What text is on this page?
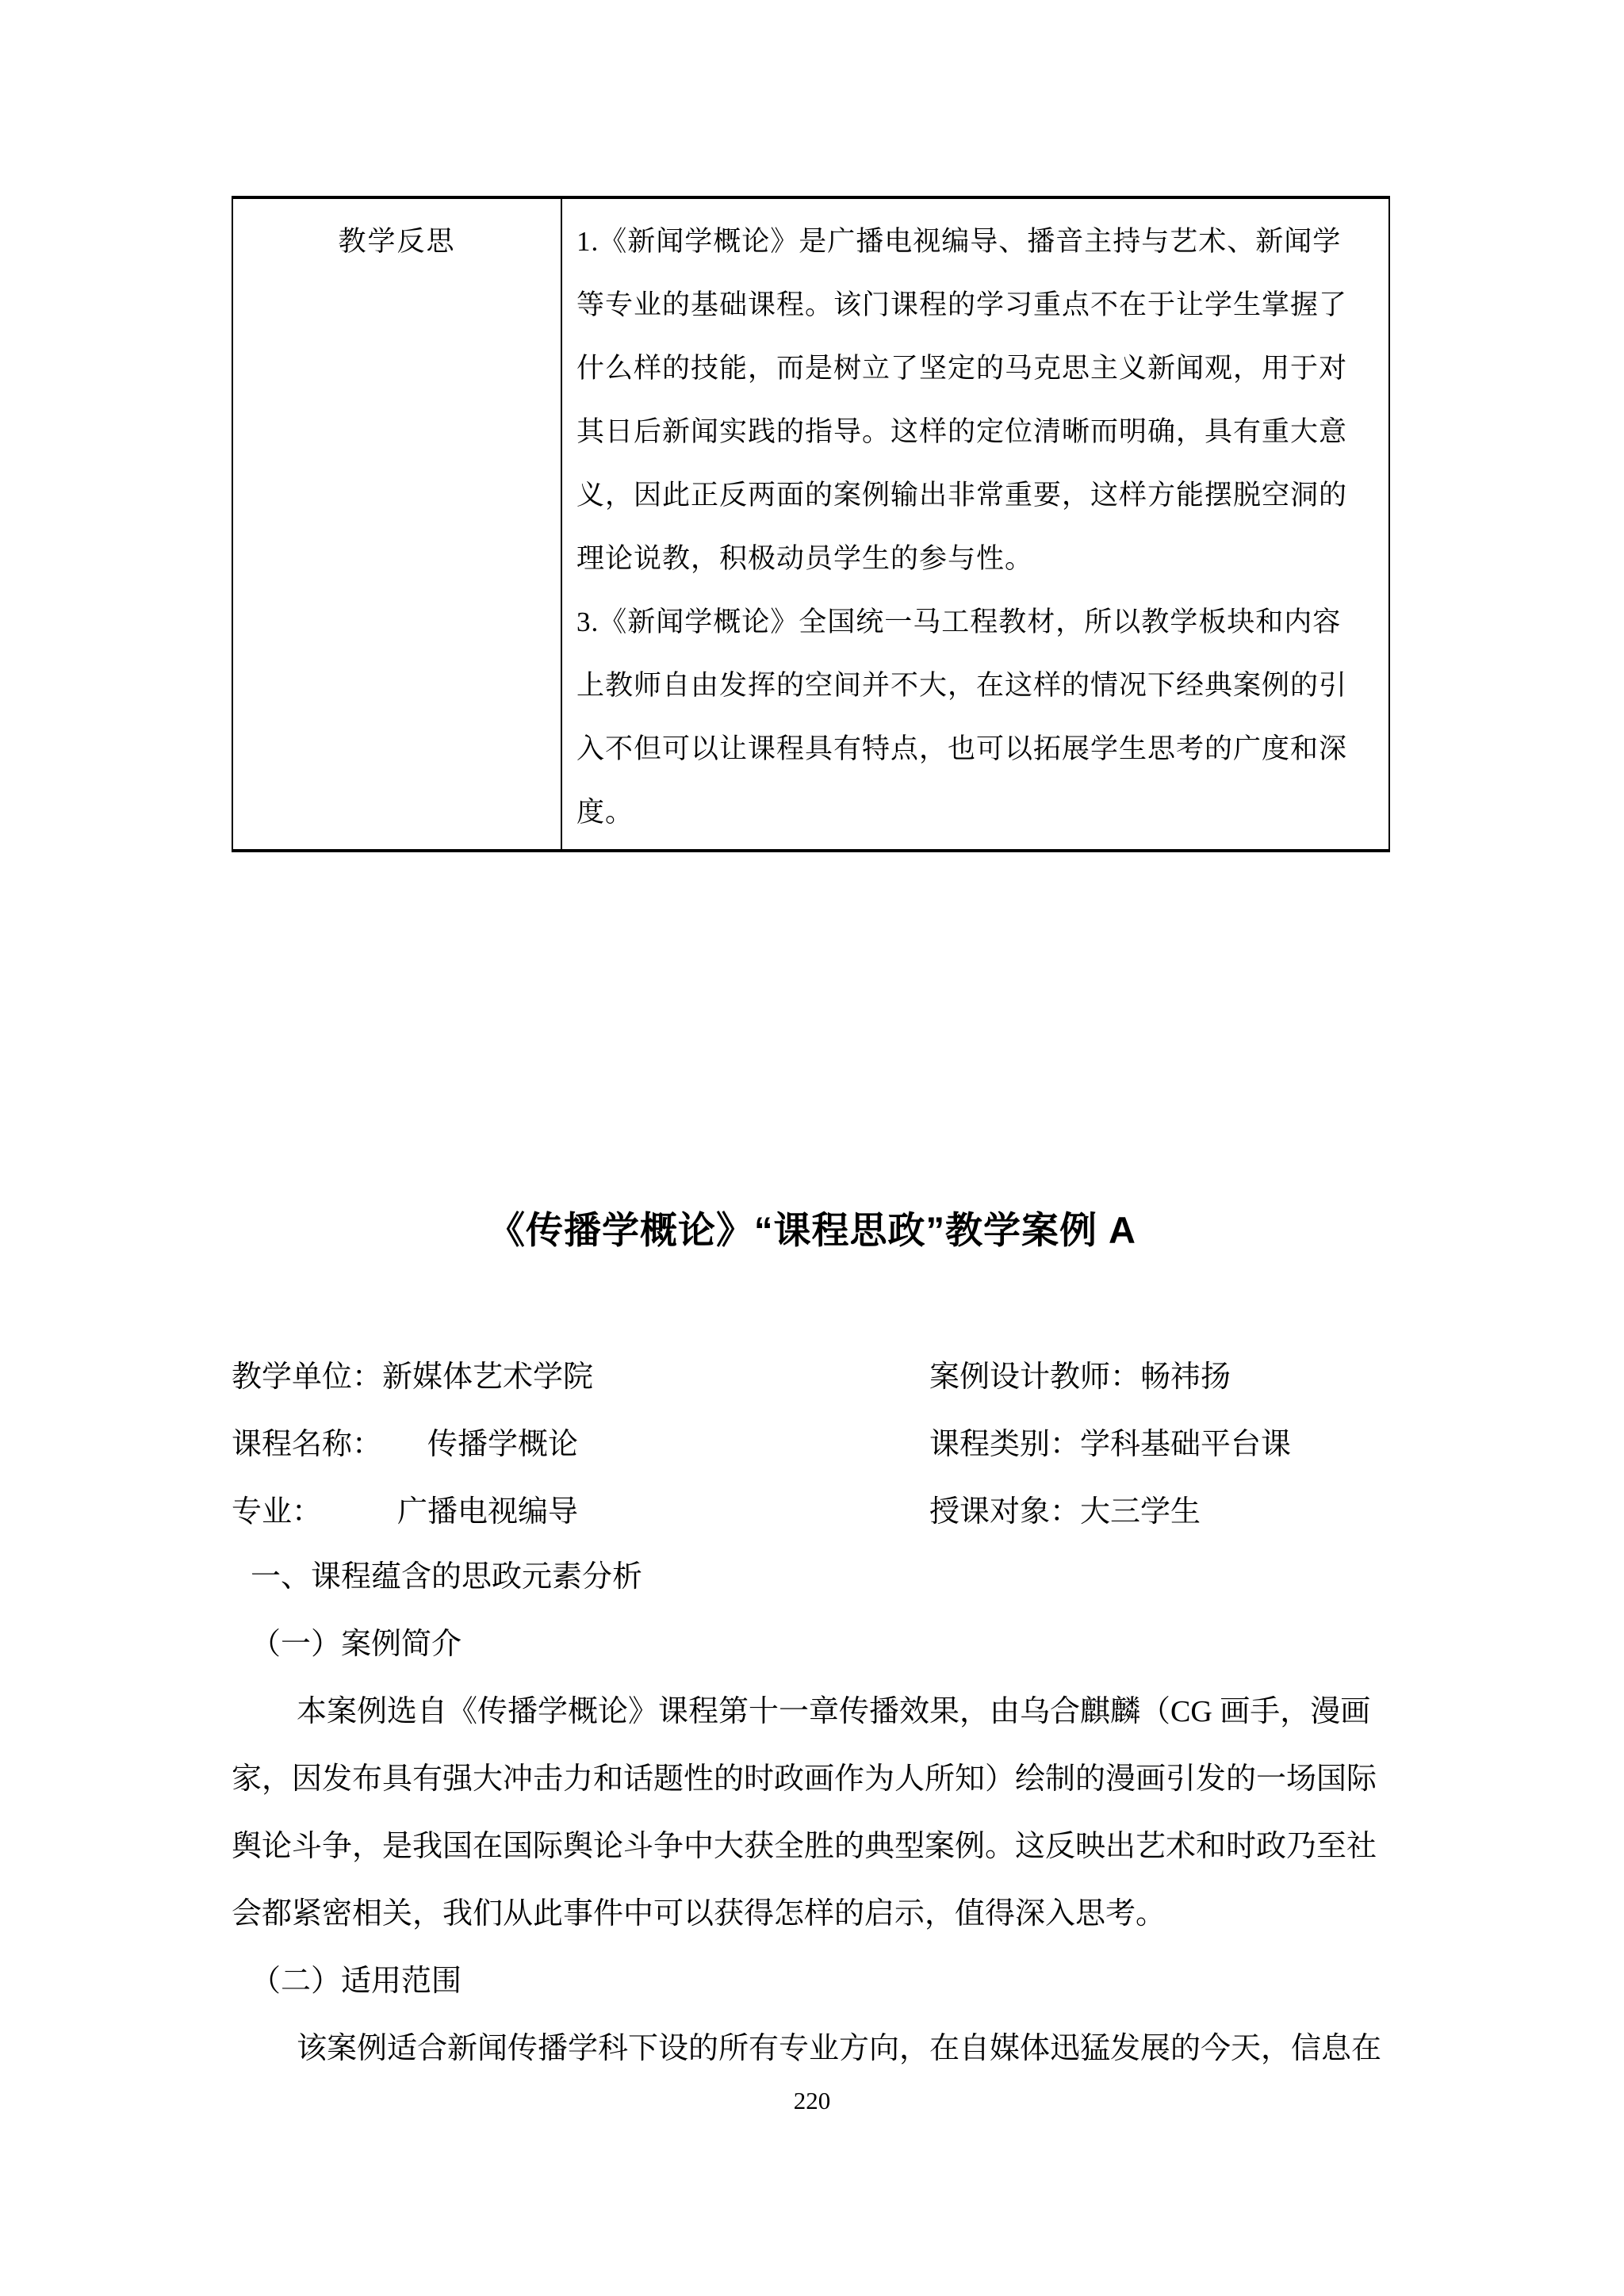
教学反思	1.《新闻学概论》是广播电视编导、播音主持与艺术、新闻学
等专业的基础课程。该门课程的学习重点不在于让学生掌握了
什么样的技能，而是树立了坚定的马克思主义新闻观，用于对
其日后新闻实践的指导。这样的定位清晰而明确，具有重大意
义，因此正反两面的案例输出非常重要，这样方能摆脱空洞的
理论说教，积极动员学生的参与性。

3.《新闻学概论》全国统一马工程教材，所以教学板块和内容
上教师自由发挥的空间并不大，在这样的情况下经典案例的引
入不但可以让课程具有特点，也可以拓展学生思考的广度和深
度。

《传播学概论》“课程思政”教学案例 A
教学单位：新媒体艺术学院	案例设计教师：畅祎扬
课程名称：　　传播学概论	课程类别：学科基础平台课
专业：　　　广播电视编导	授课对象：大三学生
一、课程蕴含的思政元素分析
（一）案例简介
本案例选自《传播学概论》课程第十一章传播效果，由乌合麒麟（CG 画手，漫画
家，因发布具有强大冲击力和话题性的时政画作为人所知）绘制的漫画引发的一场国际
舆论斗争，是我国在国际舆论斗争中大获全胜的典型案例。这反映出艺术和时政乃至社
会都紧密相关，我们从此事件中可以获得怎样的启示，值得深入思考。
（二）适用范围
该案例适合新闻传播学科下设的所有专业方向，在自媒体迅猛发展的今天，信息在
220
